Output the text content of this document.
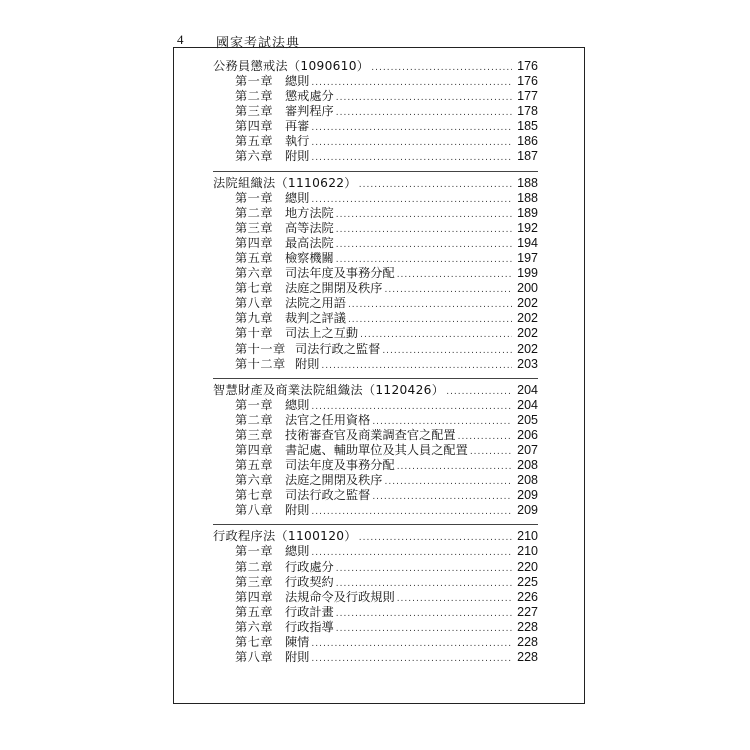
4	國家考試法典
公務員懲戒法（1090610） .....	176
第一章 總則 .....	176
第二章 懲戒處分 .....	177
第三章 審判程序 .....	178
第四章 再審 .....	185
第五章 執行 .....	186
第六章 附則 .....	187
法院組織法（1110622） .....	188
第一章 總則 .....	188
第二章 地方法院 .....	189
第三章 高等法院 .....	192
第四章 最高法院 .....	194
第五章 檢察機關 .....	197
第六章 司法年度及事務分配 .....	199
第七章 法庭之開閉及秩序 .....	200
第八章 法院之用語 .....	202
第九章 裁判之評議 .....	202
第十章 司法上之互動 .....	202
第十一章 司法行政之監督 .....	202
第十二章 附則 .....	203
智慧財產及商業法院組織法（1120426） .....	204
第一章 總則 .....	204
第二章 法官之任用資格 .....	205
第三章 技術審查官及商業調查官之配置 .....	206
第四章 書記處、輔助單位及其人員之配置 .....	207
第五章 司法年度及事務分配 .....	208
第六章 法庭之開閉及秩序 .....	208
第七章 司法行政之監督 .....	209
第八章 附則 .....	209
行政程序法（1100120） .....	210
第一章 總則 .....	210
第二章 行政處分 .....	220
第三章 行政契約 .....	225
第四章 法規命令及行政規則 .....	226
第五章 行政計畫 .....	227
第六章 行政指導 .....	228
第七章 陳情 .....	228
第八章 附則 .....	228
